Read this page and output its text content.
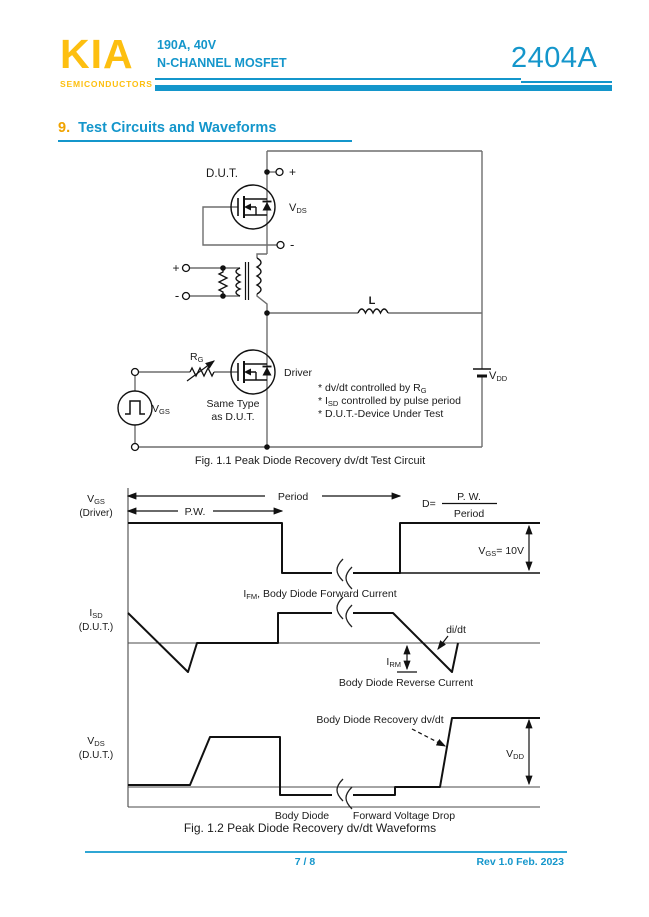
KIA
SEMICONDUCTORS
190A, 40V
N-CHANNEL MOSFET	2404A
9. Test Circuits and Waveforms
D.U.T.	+
-
VDS
+
-	L
VDD
Driver
Same Type
as D.U.T.
RG
VGS
* dv/dt controlled by RG
* ISD controlled by pulse period
* D.U.T.-Device Under Test
Fig. 1.1 Peak Diode Recovery dv/dt Test Circuit
Period
P.W.
D=
P. W.
Period
VGS= 10V
VGS
(Driver)
IFM, Body Diode Forward Current
di/dt
IRM
Body Diode Reverse Current
ISD
(D.U.T.)
Body Diode Recovery dv/dt
VDD
Body Diode Forward Voltage Drop
VDS
(D.U.T.)
Fig. 1.2 Peak Diode Recovery dv/dt Waveforms
7 / 8	Rev 1.0 Feb. 2023
